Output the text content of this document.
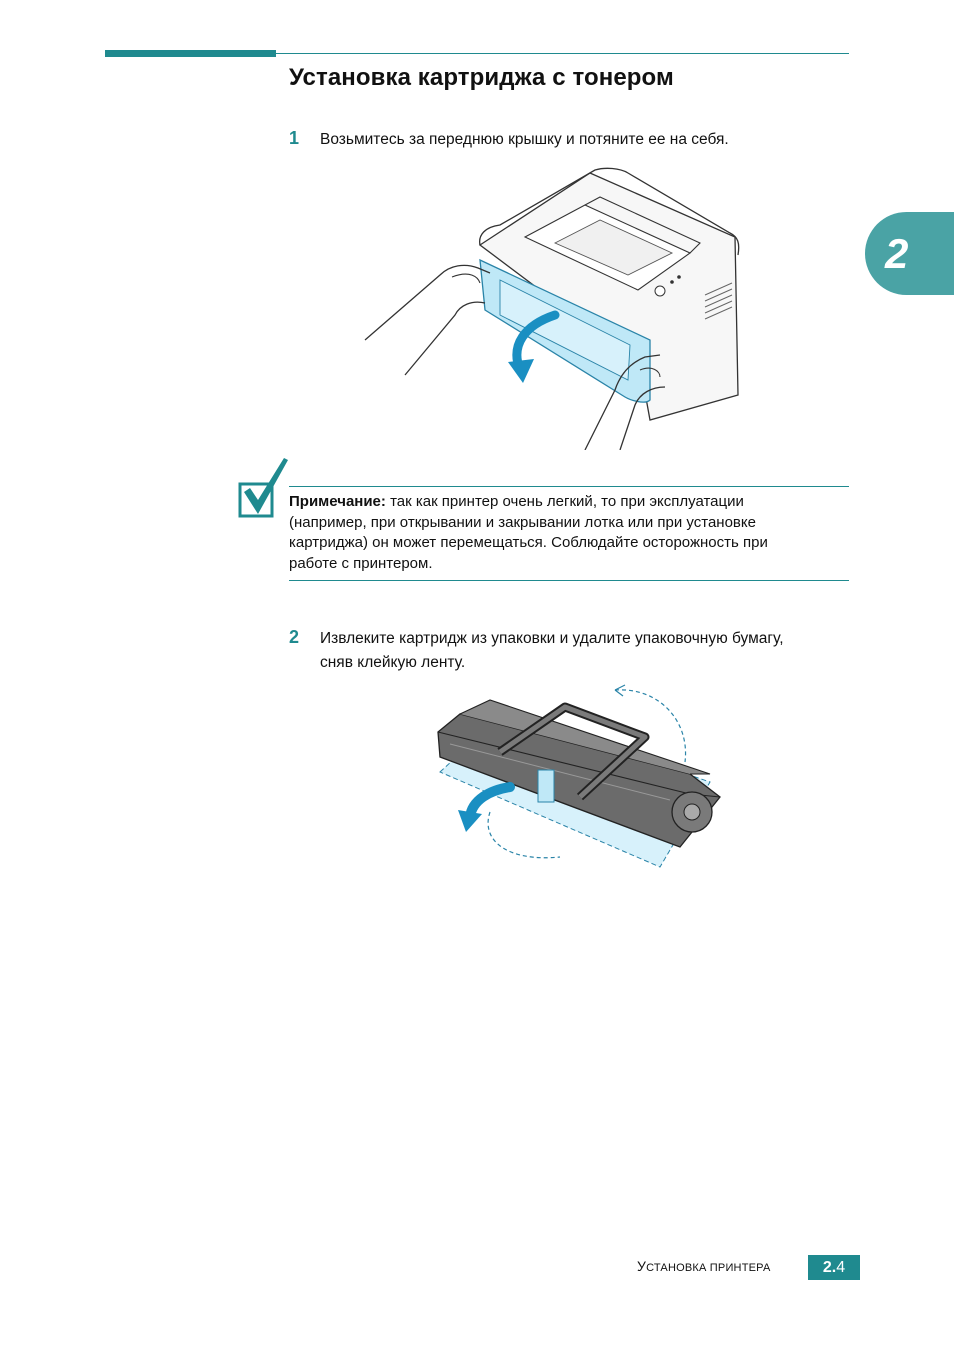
Установка картриджа с тонером
2
1 Возьмитесь за переднюю крышку и потяните ее на себя.
Примечание: так как принтер очень легкий, то при эксплуатации
(например, при открывании и закрывании лотка или при установке
картриджа) он может перемещаться. Соблюдайте осторожность при
работе с принтером.
2 Извлеките картридж из упаковки и удалите упаковочную бумагу,
сняв клейкую ленту.
УСТАНОВКА ПРИНТЕРА	2. 4
